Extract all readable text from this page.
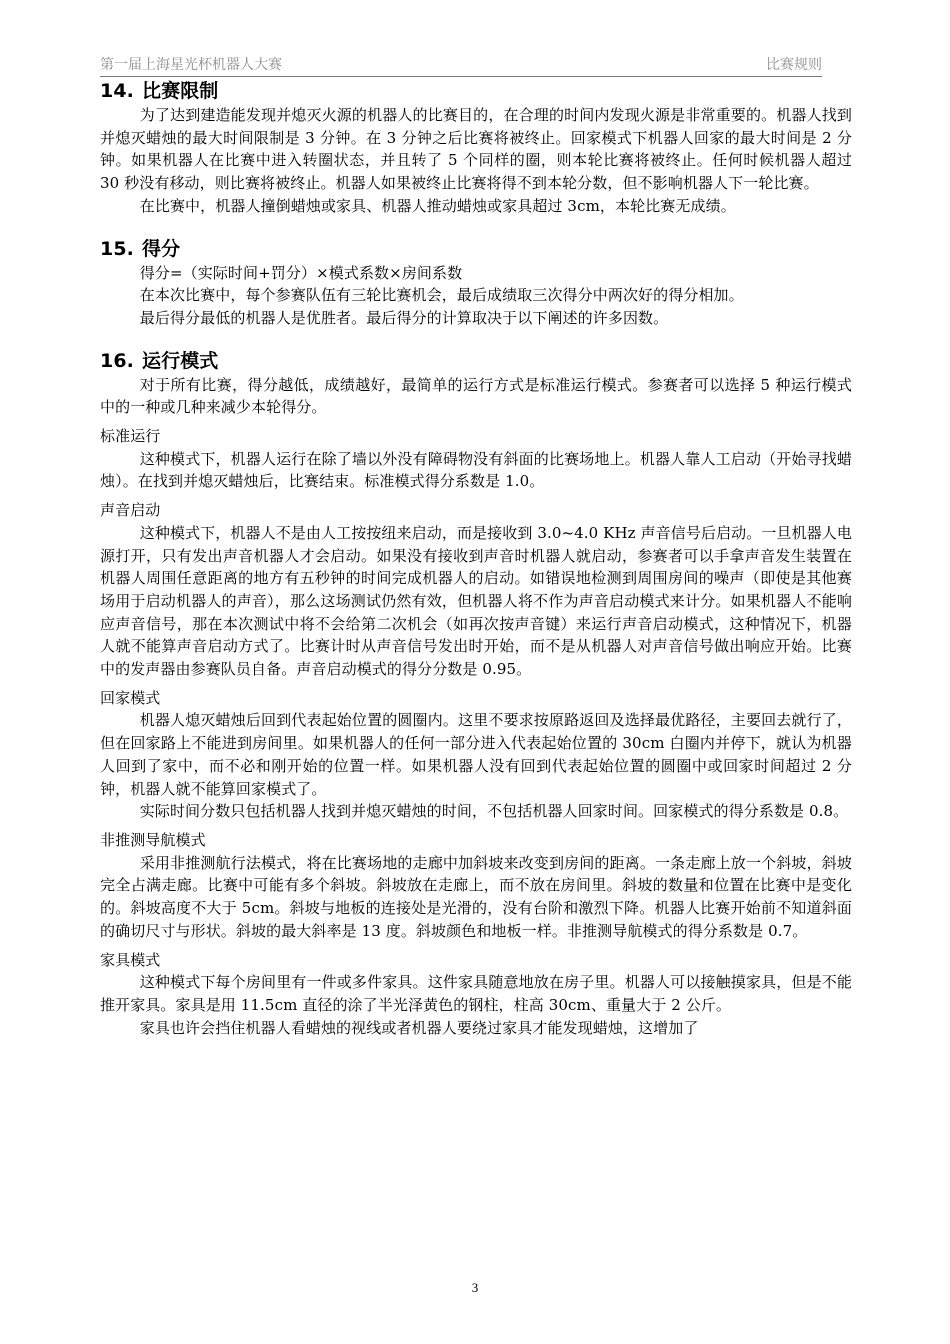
第一届上海星光杯机器人大赛	比赛规则
14. 比赛限制

为了达到建造能发现并熄灭火源的机器人的比赛目的，在合理的时间内发现火源是非常重要的。机器人找到并熄灭蜡烛的最大时间限制是 3 分钟。在 3 分钟之后比赛将被终止。回家模式下机器人回家的最大时间是 2 分钟。如果机器人在比赛中进入转圈状态，并且转了 5 个同样的圈，则本轮比赛将被终止。任何时候机器人超过 30 秒没有移动，则比赛将被终止。机器人如果被终止比赛将得不到本轮分数，但不影响机器人下一轮比赛。

在比赛中，机器人撞倒蜡烛或家具、机器人推动蜡烛或家具超过 3cm，本轮比赛无成绩。

15. 得分

得分=（实际时间+罚分）×模式系数×房间系数

在本次比赛中，每个参赛队伍有三轮比赛机会，最后成绩取三次得分中两次好的得分相加。

最后得分最低的机器人是优胜者。最后得分的计算取决于以下阐述的许多因数。

16. 运行模式

对于所有比赛，得分越低，成绩越好，最简单的运行方式是标准运行模式。参赛者可以选择 5 种运行模式中的一种或几种来减少本轮得分。

标准运行

这种模式下，机器人运行在除了墙以外没有障碍物没有斜面的比赛场地上。机器人靠人工启动（开始寻找蜡烛）。在找到并熄灭蜡烛后，比赛结束。标准模式得分系数是 1.0。

声音启动

这种模式下，机器人不是由人工按按纽来启动，而是接收到 3.0~4.0 KHz 声音信号后启动。一旦机器人电源打开，只有发出声音机器人才会启动。如果没有接收到声音时机器人就启动，参赛者可以手拿声音发生装置在机器人周围任意距离的地方有五秒钟的时间完成机器人的启动。如错误地检测到周围房间的噪声（即使是其他赛场用于启动机器人的声音），那么这场测试仍然有效，但机器人将不作为声音启动模式来计分。如果机器人不能响应声音信号，那在本次测试中将不会给第二次机会（如再次按声音键）来运行声音启动模式，这种情况下，机器人就不能算声音启动方式了。比赛计时从声音信号发出时开始，而不是从机器人对声音信号做出响应开始。比赛中的发声器由参赛队员自备。声音启动模式的得分分数是 0.95。

回家模式

机器人熄灭蜡烛后回到代表起始位置的圆圈内。这里不要求按原路返回及选择最优路径，主要回去就行了，但在回家路上不能进到房间里。如果机器人的任何一部分进入代表起始位置的 30cm 白圈内并停下，就认为机器人回到了家中，而不必和刚开始的位置一样。如果机器人没有回到代表起始位置的圆圈中或回家时间超过 2 分钟，机器人就不能算回家模式了。

实际时间分数只包括机器人找到并熄灭蜡烛的时间，不包括机器人回家时间。回家模式的得分系数是 0.8。

非推测导航模式

采用非推测航行法模式，将在比赛场地的走廊中加斜坡来改变到房间的距离。一条走廊上放一个斜坡，斜坡完全占满走廊。比赛中可能有多个斜坡。斜坡放在走廊上，而不放在房间里。斜坡的数量和位置在比赛中是变化的。斜坡高度不大于 5cm。斜坡与地板的连接处是光滑的，没有台阶和激烈下降。机器人比赛开始前不知道斜面的确切尺寸与形状。斜坡的最大斜率是 13 度。斜坡颜色和地板一样。非推测导航模式的得分系数是 0.7。

家具模式

这种模式下每个房间里有一件或多件家具。这件家具随意地放在房子里。机器人可以接触摸家具，但是不能推开家具。家具是用 11.5cm 直径的涂了半光泽黄色的钢柱，柱高 30cm、重量大于 2 公斤。

家具也许会挡住机器人看蜡烛的视线或者机器人要绕过家具才能发现蜡烛，这增加了

3
